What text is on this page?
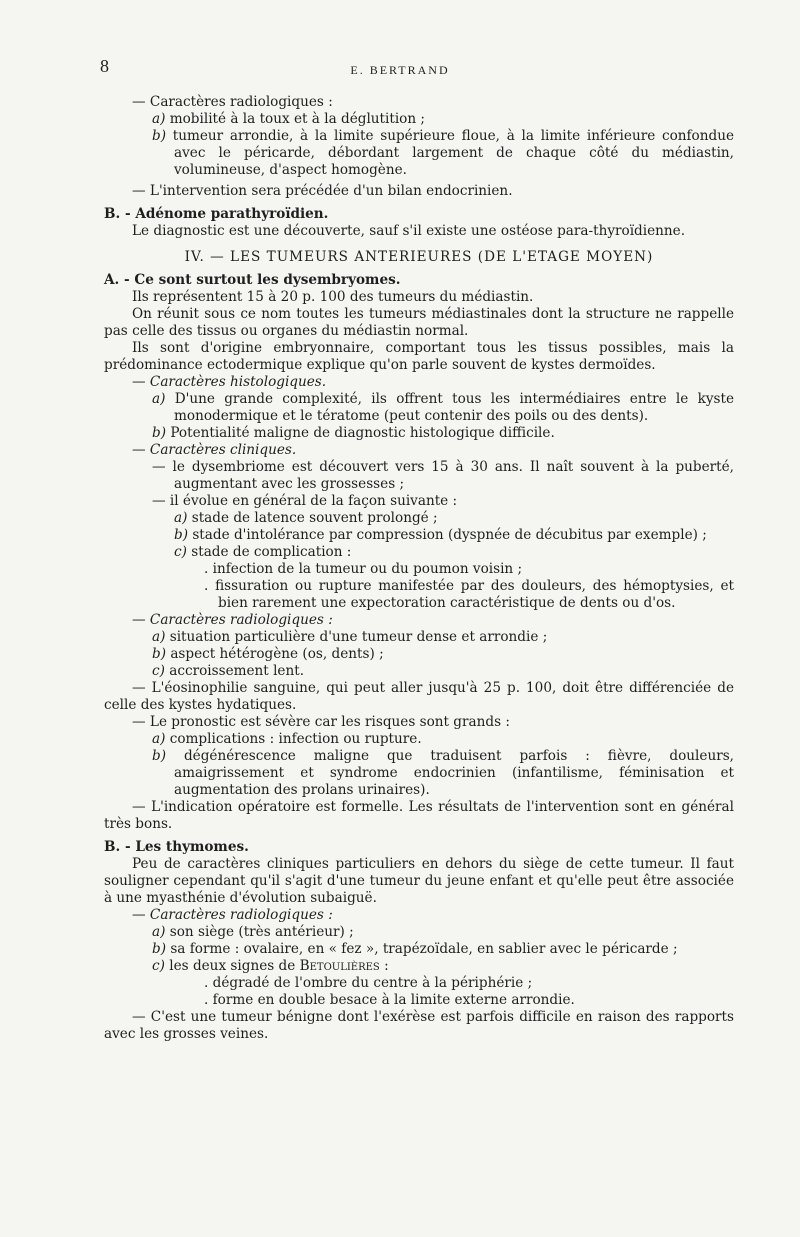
8	E. BERTRAND

— Caractères radiologiques :

a) mobilité à la toux et à la déglutition ;

b) tumeur arrondie, à la limite supérieure floue, à la limite inférieure confondue avec le péricarde, débordant largement de chaque côté du médiastin, volumineuse, d'aspect homogène.

— L'intervention sera précédée d'un bilan endocrinien.

B. - Adénome parathyroïdien.

Le diagnostic est une découverte, sauf s'il existe une ostéose para-thyroïdienne.

IV. — LES TUMEURS ANTERIEURES (DE L'ETAGE MOYEN)

A. - Ce sont surtout les dysembryomes.

Ils représentent 15 à 20 p. 100 des tumeurs du médiastin.

On réunit sous ce nom toutes les tumeurs médiastinales dont la structure ne rappelle pas celle des tissus ou organes du médiastin normal.

Ils sont d'origine embryonnaire, comportant tous les tissus possibles, mais la prédominance ectodermique explique qu'on parle souvent de kystes dermoïdes.

— Caractères histologiques.

a) D'une grande complexité, ils offrent tous les intermédiaires entre le kyste monodermique et le tératome (peut contenir des poils ou des dents).

b) Potentialité maligne de diagnostic histologique difficile.

— Caractères cliniques.

— le dysembriome est découvert vers 15 à 30 ans. Il naît souvent à la puberté, augmentant avec les grossesses ;

— il évolue en général de la façon suivante :

a) stade de latence souvent prolongé ;

b) stade d'intolérance par compression (dyspnée de décubitus par exemple) ;

c) stade de complication :

. infection de la tumeur ou du poumon voisin ;

. fissuration ou rupture manifestée par des douleurs, des hémoptysies, et bien rarement une expectoration caractéristique de dents ou d'os.

— Caractères radiologiques :

a) situation particulière d'une tumeur dense et arrondie ;

b) aspect hétérogène (os, dents) ;

c) accroissement lent.

— L'éosinophilie sanguine, qui peut aller jusqu'à 25 p. 100, doit être différenciée de celle des kystes hydatiques.

— Le pronostic est sévère car les risques sont grands :

a) complications : infection ou rupture.

b) dégénérescence maligne que traduisent parfois : fièvre, douleurs, amaigrissement et syndrome endocrinien (infantilisme, féminisation et augmentation des prolans urinaires).

— L'indication opératoire est formelle. Les résultats de l'intervention sont en général très bons.

B. - Les thymomes.

Peu de caractères cliniques particuliers en dehors du siège de cette tumeur. Il faut souligner cependant qu'il s'agit d'une tumeur du jeune enfant et qu'elle peut être associée à une myasthénie d'évolution subaiguë.

— Caractères radiologiques :

a) son siège (très antérieur) ;

b) sa forme : ovalaire, en « fez », trapézoïdale, en sablier avec le péricarde ;

c) les deux signes de Betoulières :

. dégradé de l'ombre du centre à la périphérie ;

. forme en double besace à la limite externe arrondie.

— C'est une tumeur bénigne dont l'exérèse est parfois difficile en raison des rapports avec les grosses veines.
